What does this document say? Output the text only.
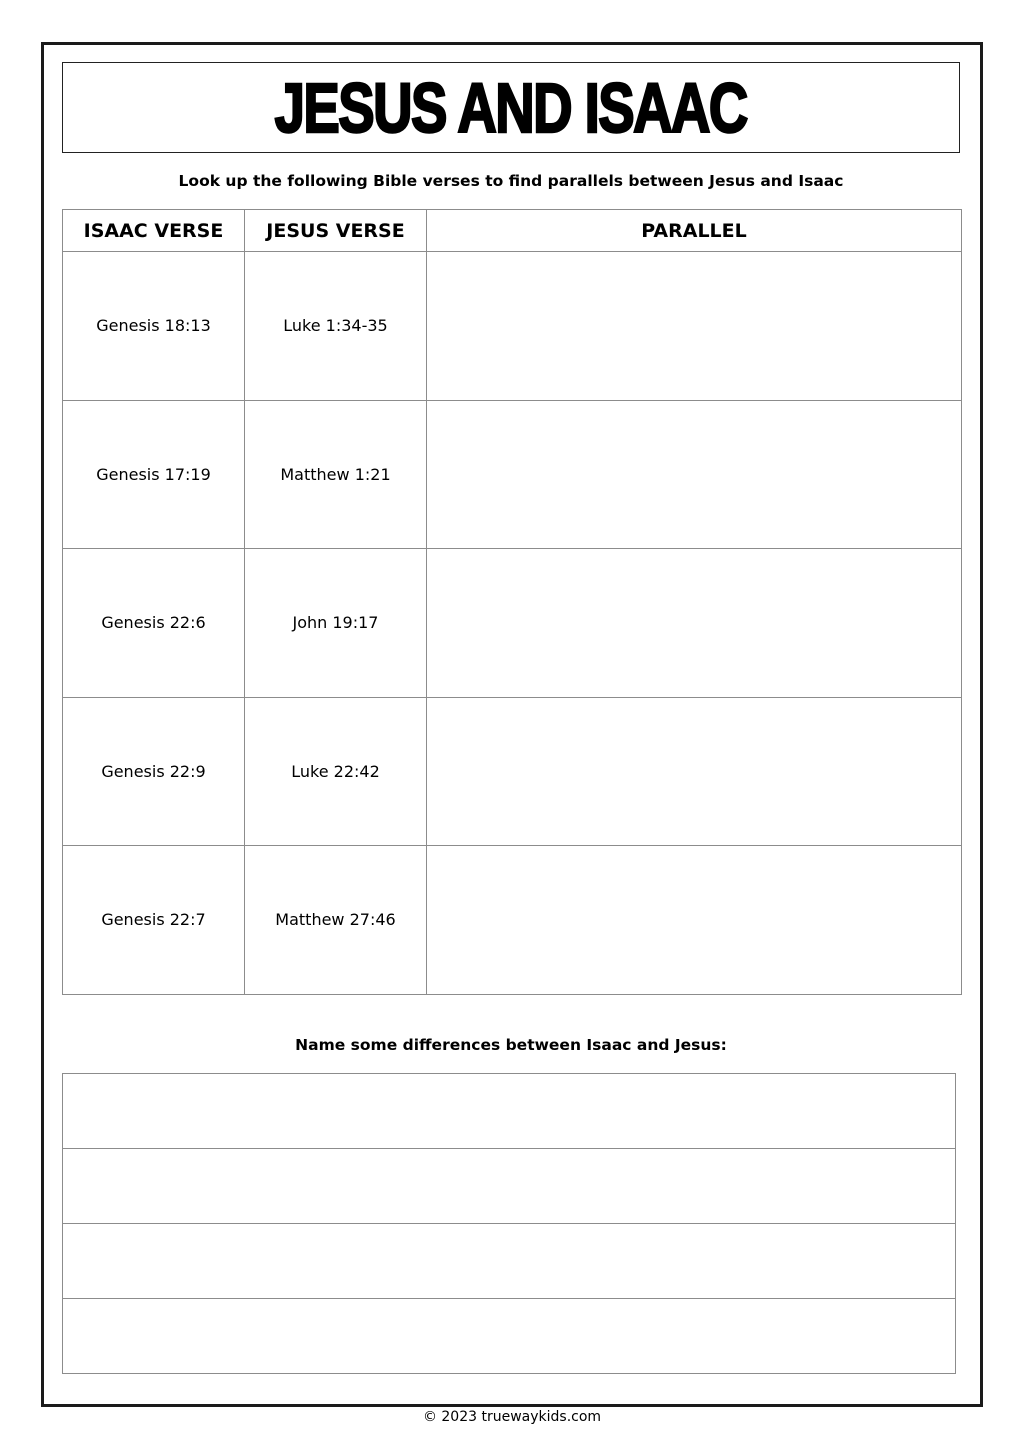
JESUS AND ISAAC
Look up the following Bible verses to find parallels between Jesus and Isaac
ISAAC VERSE	JESUS VERSE	PARALLEL
Genesis 18:13	Luke 1:34-35	
Genesis 17:19	Matthew 1:21	
Genesis 22:6	John 19:17	
Genesis 22:9	Luke 22:42	
Genesis 22:7	Matthew 27:46	
Name some differences between Isaac and Jesus:
© 2023 truewaykids.com
